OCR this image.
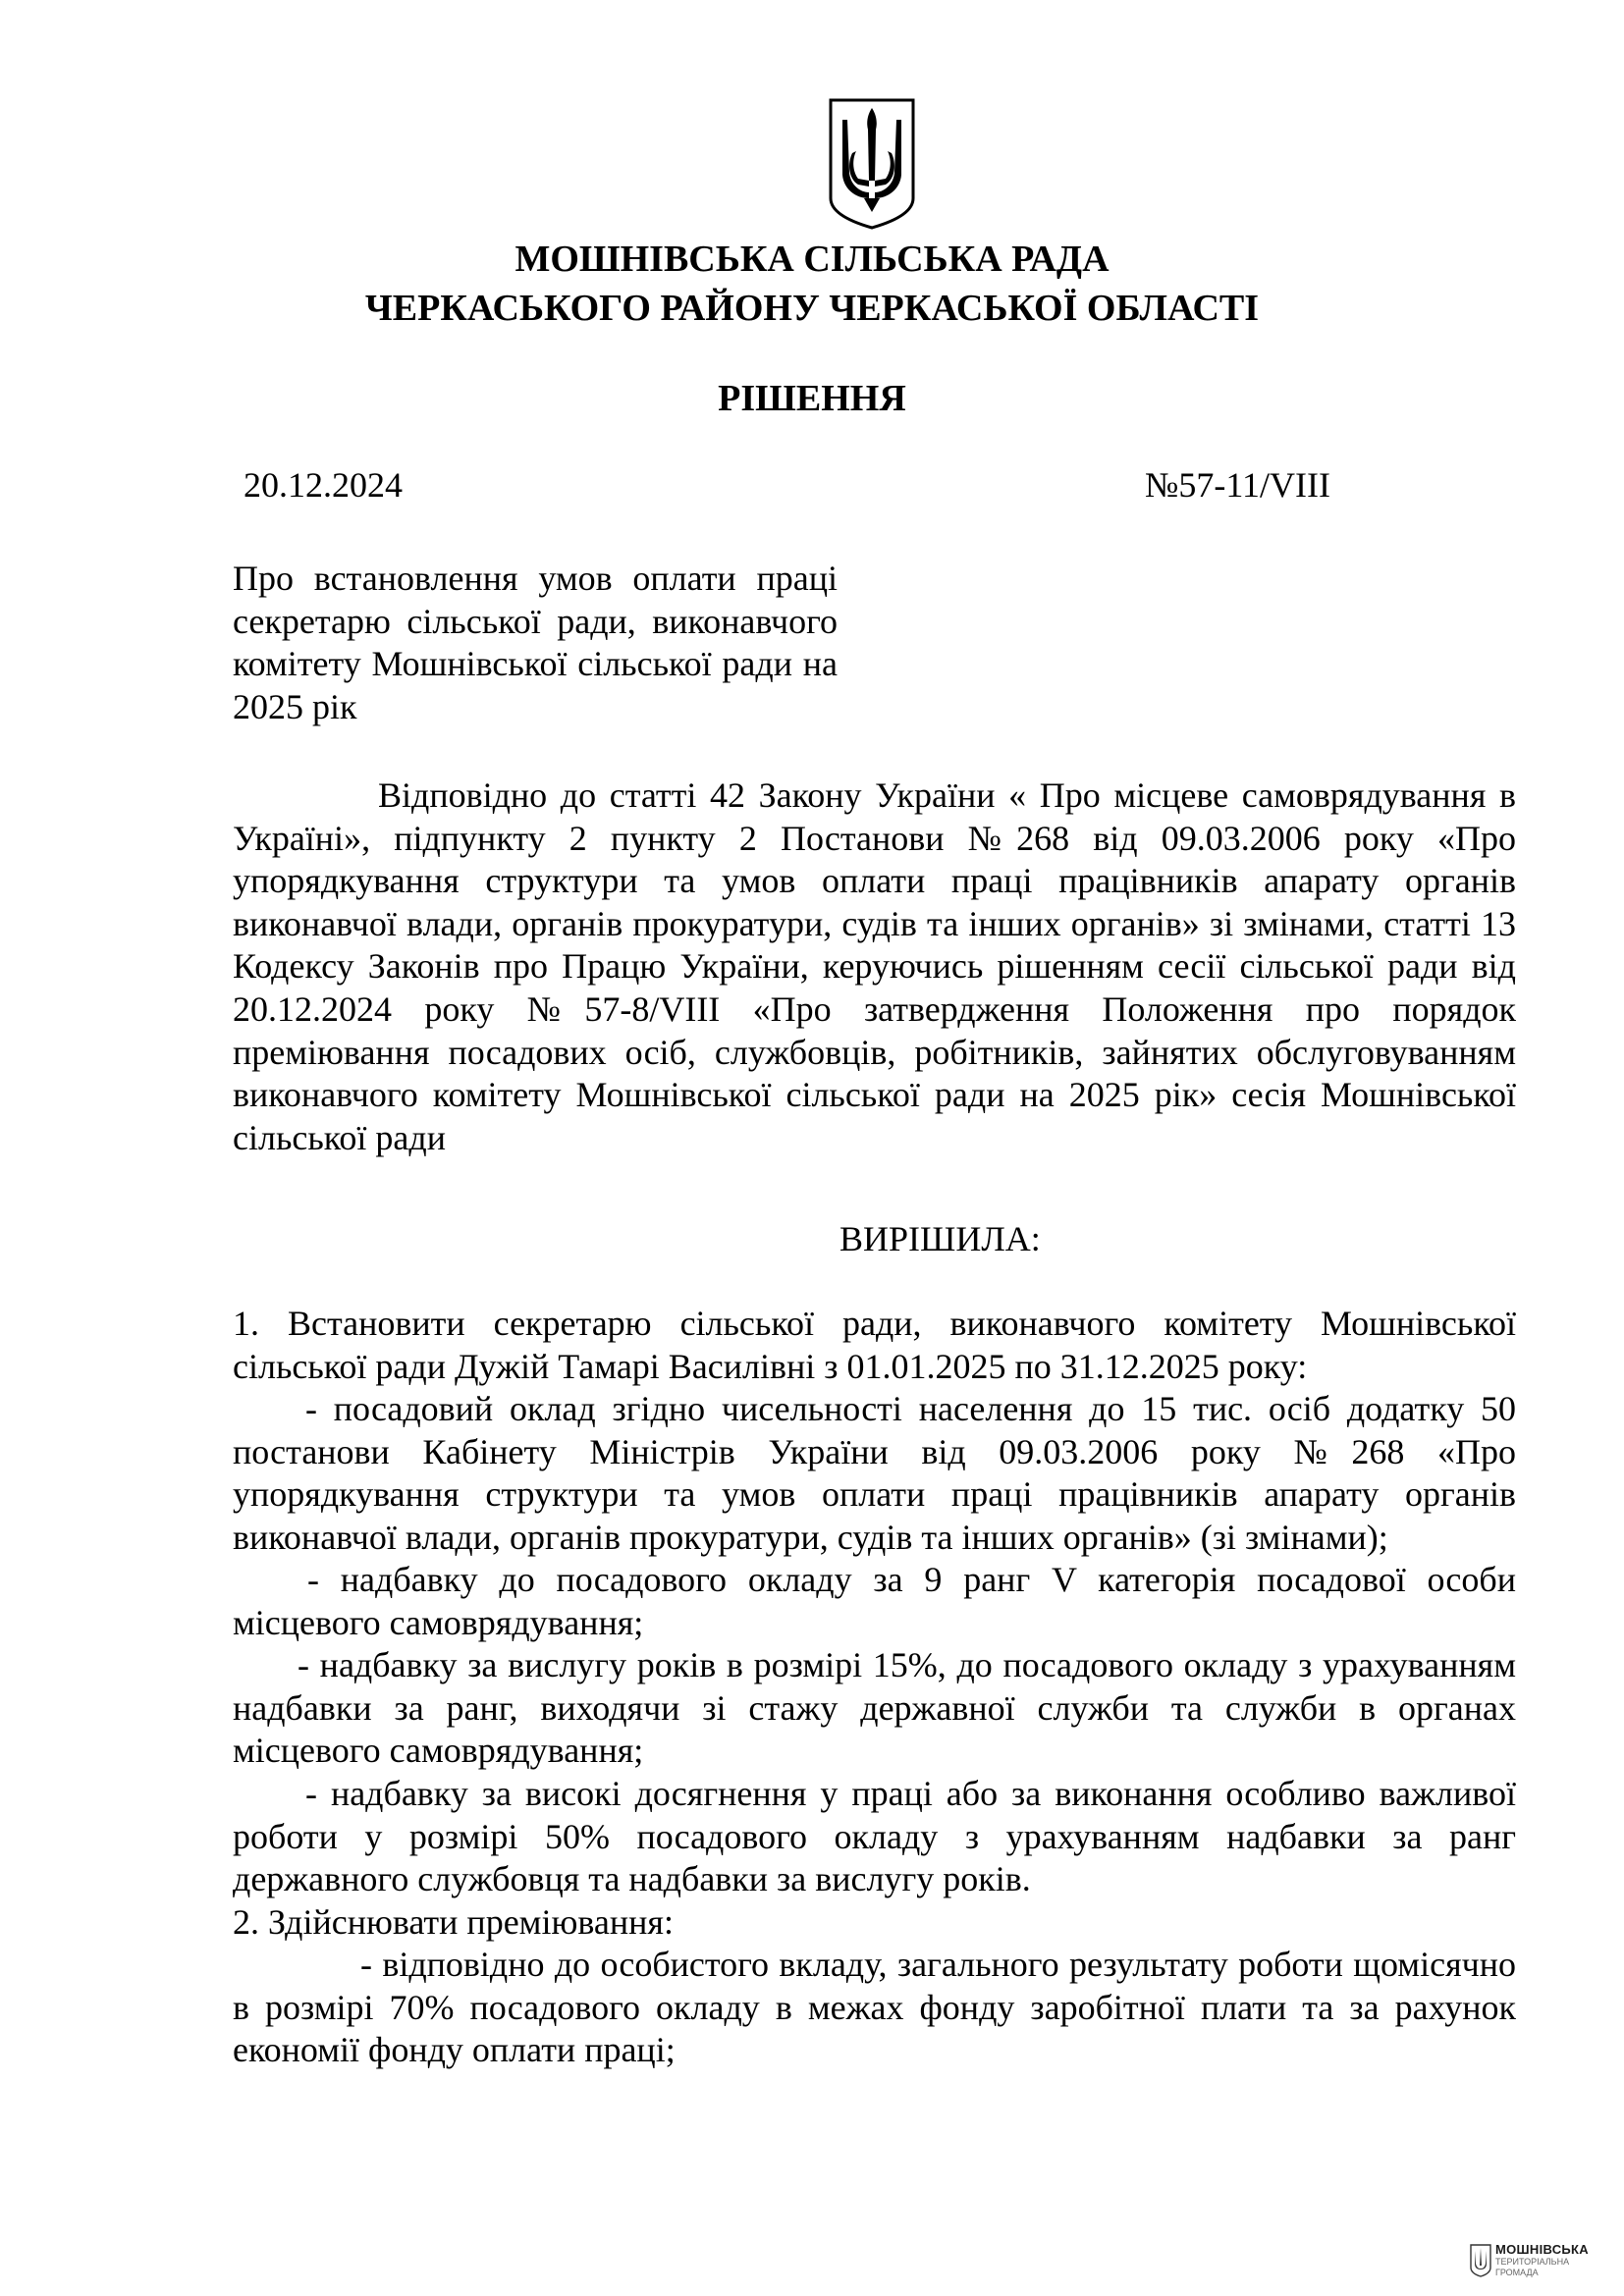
МОШНІВСЬКА СІЛЬСЬКА РАДА
ЧЕРКАСЬКОГО РАЙОНУ ЧЕРКАСЬКОЇ ОБЛАСТІ
РІШЕННЯ
20.12.2024	№57-11/VIII
Про встановлення умов оплати праці секретарю сільської ради, виконавчого комітету Мошнівської сільської ради на 2025 рік

Відповідно до статті 42 Закону України « Про місцеве самоврядування в Україні», підпункту 2 пункту 2 Постанови №268 від 09.03.2006 року «Про упорядкування структури та умов оплати праці працівників апарату органів виконавчої влади, органів прокуратури, судів та інших органів» зі змінами, статті 13 Кодексу Законів про Працю України, керуючись рішенням сесії сільської ради від 20.12.2024 року №57-8/VIII «Про затвердження Положення про порядок преміювання посадових осіб, службовців, робітників, зайнятих обслуговуванням виконавчого комітету Мошнівської сільської ради на 2025 рік» сесія Мошнівської сільської ради

ВИРІШИЛА:

1. Встановити секретарю сільської ради, виконавчого комітету Мошнівської сільської ради Дужій Тамарі Василівні з 01.01.2025 по 31.12.2025 року:

- посадовий оклад згідно чисельності населення до 15 тис. осіб додатку 50 постанови Кабінету Міністрів України від 09.03.2006 року №268 «Про упорядкування структури та умов оплати праці працівників апарату органів виконавчої влади, органів прокуратури, судів та інших органів» (зі змінами);

- надбавку до посадового окладу за 9 ранг V категорія посадової особи місцевого самоврядування;

- надбавку за вислугу років в розмірі 15%, до посадового окладу з урахуванням надбавки за ранг, виходячи зі стажу державної служби та служби в органах місцевого самоврядування;

- надбавку за високі досягнення у праці або за виконання особливо важливої роботи у розмірі 50% посадового окладу з урахуванням надбавки за ранг державного службовця та надбавки за вислугу років.

2. Здійснювати преміювання:

- відповідно до особистого вкладу, загального результату роботи щомісячно в розмірі 70% посадового окладу в межах фонду заробітної плати та за рахунок економії фонду оплати праці;

МОШНІВСЬКА
ТЕРИТОРІАЛЬНА
ГРОМАДА
